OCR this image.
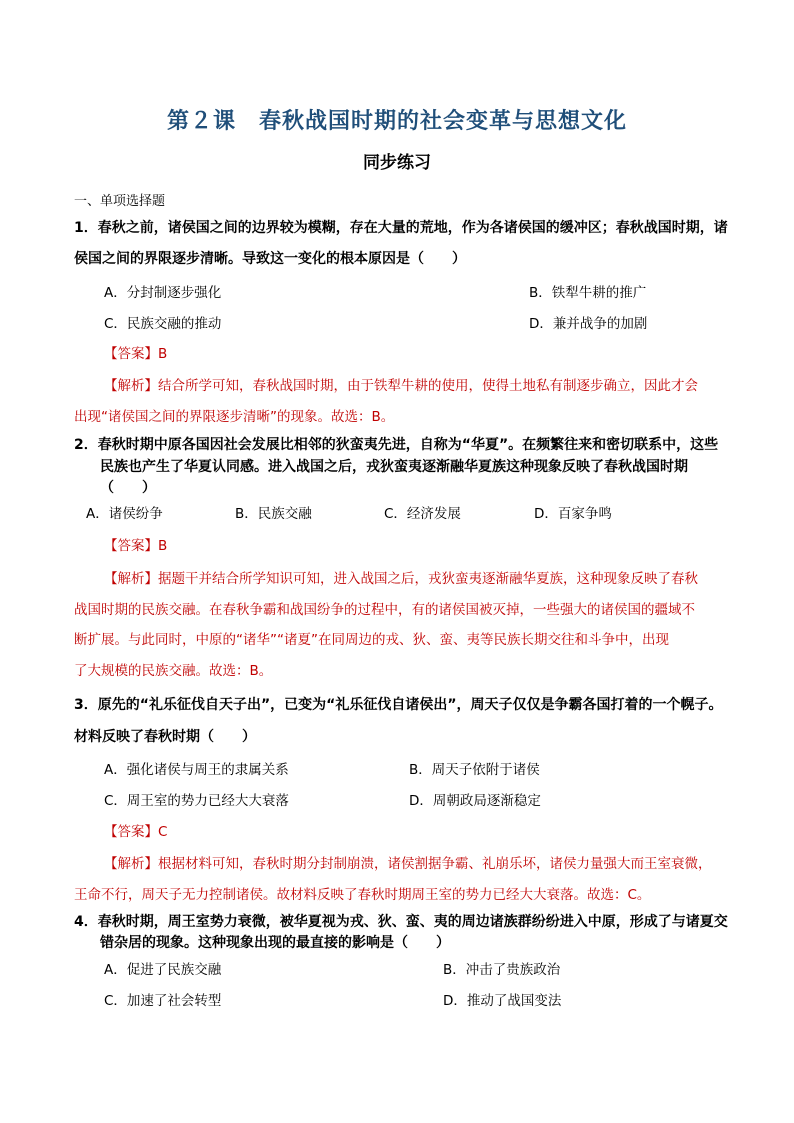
第２课　春秋战国时期的社会变革与思想文化
同步练习
一、单项选择题
1．春秋之前，诸侯国之间的边界较为模糊，存在大量的荒地，作为各诸侯国的缓冲区；春秋战国时期，诸
侯国之间的界限逐步清晰。导致这一变化的根本原因是（　　）
A．分封制逐步强化	B．铁犁牛耕的推广
C．民族交融的推动	D．兼并战争的加剧
【答案】B
【解析】结合所学可知，春秋战国时期，由于铁犁牛耕的使用，使得土地私有制逐步确立，因此才会
出现“诸侯国之间的界限逐步清晰”的现象。故选：B。
2．春秋时期中原各国因社会发展比相邻的狄蛮夷先进，自称为“华夏”。在频繁往来和密切联系中，这些
民族也产生了华夏认同感。进入战国之后，戎狄蛮夷逐渐融华夏族这种现象反映了春秋战国时期
（　　）
A．诸侯纷争	B．民族交融	C．经济发展	D．百家争鸣
【答案】B
【解析】据题干并结合所学知识可知，进入战国之后，戎狄蛮夷逐渐融华夏族，这种现象反映了春秋
战国时期的民族交融。在春秋争霸和战国纷争的过程中，有的诸侯国被灭掉，一些强大的诸侯国的疆域不
断扩展。与此同时，中原的“诸华”“诸夏”在同周边的戎、狄、蛮、夷等民族长期交往和斗争中，出现
了大规模的民族交融。故选：B。
3．原先的“礼乐征伐自天子出”，已变为“礼乐征伐自诸侯出”，周天子仅仅是争霸各国打着的一个幌子。
材料反映了春秋时期（　　）
A．强化诸侯与周王的隶属关系	B．周天子依附于诸侯
C．周王室的势力已经大大衰落	D．周朝政局逐渐稳定
【答案】C
【解析】根据材料可知，春秋时期分封制崩溃，诸侯割据争霸、礼崩乐坏，诸侯力量强大而王室衰微，
王命不行，周天子无力控制诸侯。故材料反映了春秋时期周王室的势力已经大大衰落。故选：C。
4．春秋时期，周王室势力衰微，被华夏视为戎、狄、蛮、夷的周边诸族群纷纷进入中原，形成了与诸夏交
错杂居的现象。这种现象出现的最直接的影响是（　　）
A．促进了民族交融	B．冲击了贵族政治
C．加速了社会转型	D．推动了战国变法
